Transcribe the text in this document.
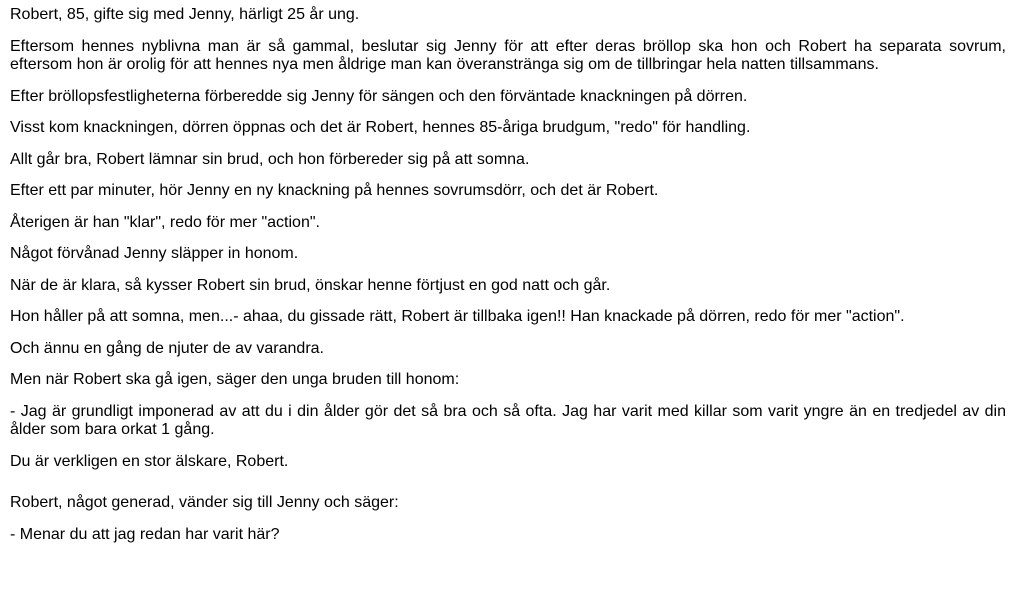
Robert, 85, gifte sig med Jenny, härligt 25 år ung.

Eftersom hennes nyblivna man är så gammal, beslutar sig Jenny för att efter deras bröllop ska hon och Robert ha separata sovrum, eftersom hon är orolig för att hennes nya men åldrige man kan överanstränga sig om de tillbringar hela natten tillsammans.

Efter bröllopsfestligheterna förberedde sig Jenny för sängen och den förväntade knackningen på dörren.

Visst kom knackningen, dörren öppnas och det är Robert, hennes 85-åriga brudgum, "redo" för handling.

Allt går bra, Robert lämnar sin brud, och hon förbereder sig på att somna.

Efter ett par minuter, hör Jenny en ny knackning på hennes sovrumsdörr, och det är Robert.

Återigen är han "klar", redo för mer "action".

Något förvånad Jenny släpper in honom.

När de är klara, så kysser Robert sin brud, önskar henne förtjust en god natt och går.

Hon håller på att somna, men...- ahaa, du gissade rätt, Robert är tillbaka igen!! Han knackade på dörren, redo för mer "action".

Och ännu en gång de njuter de av varandra.

Men när Robert ska gå igen, säger den unga bruden till honom:

- Jag är grundligt imponerad av att du i din ålder gör det så bra och så ofta. Jag har varit med killar som varit yngre än en tredjedel av din ålder som bara orkat 1 gång.

Du är verkligen en stor älskare, Robert.

Robert, något generad, vänder sig till Jenny och säger:

- Menar du att jag redan har varit här?
